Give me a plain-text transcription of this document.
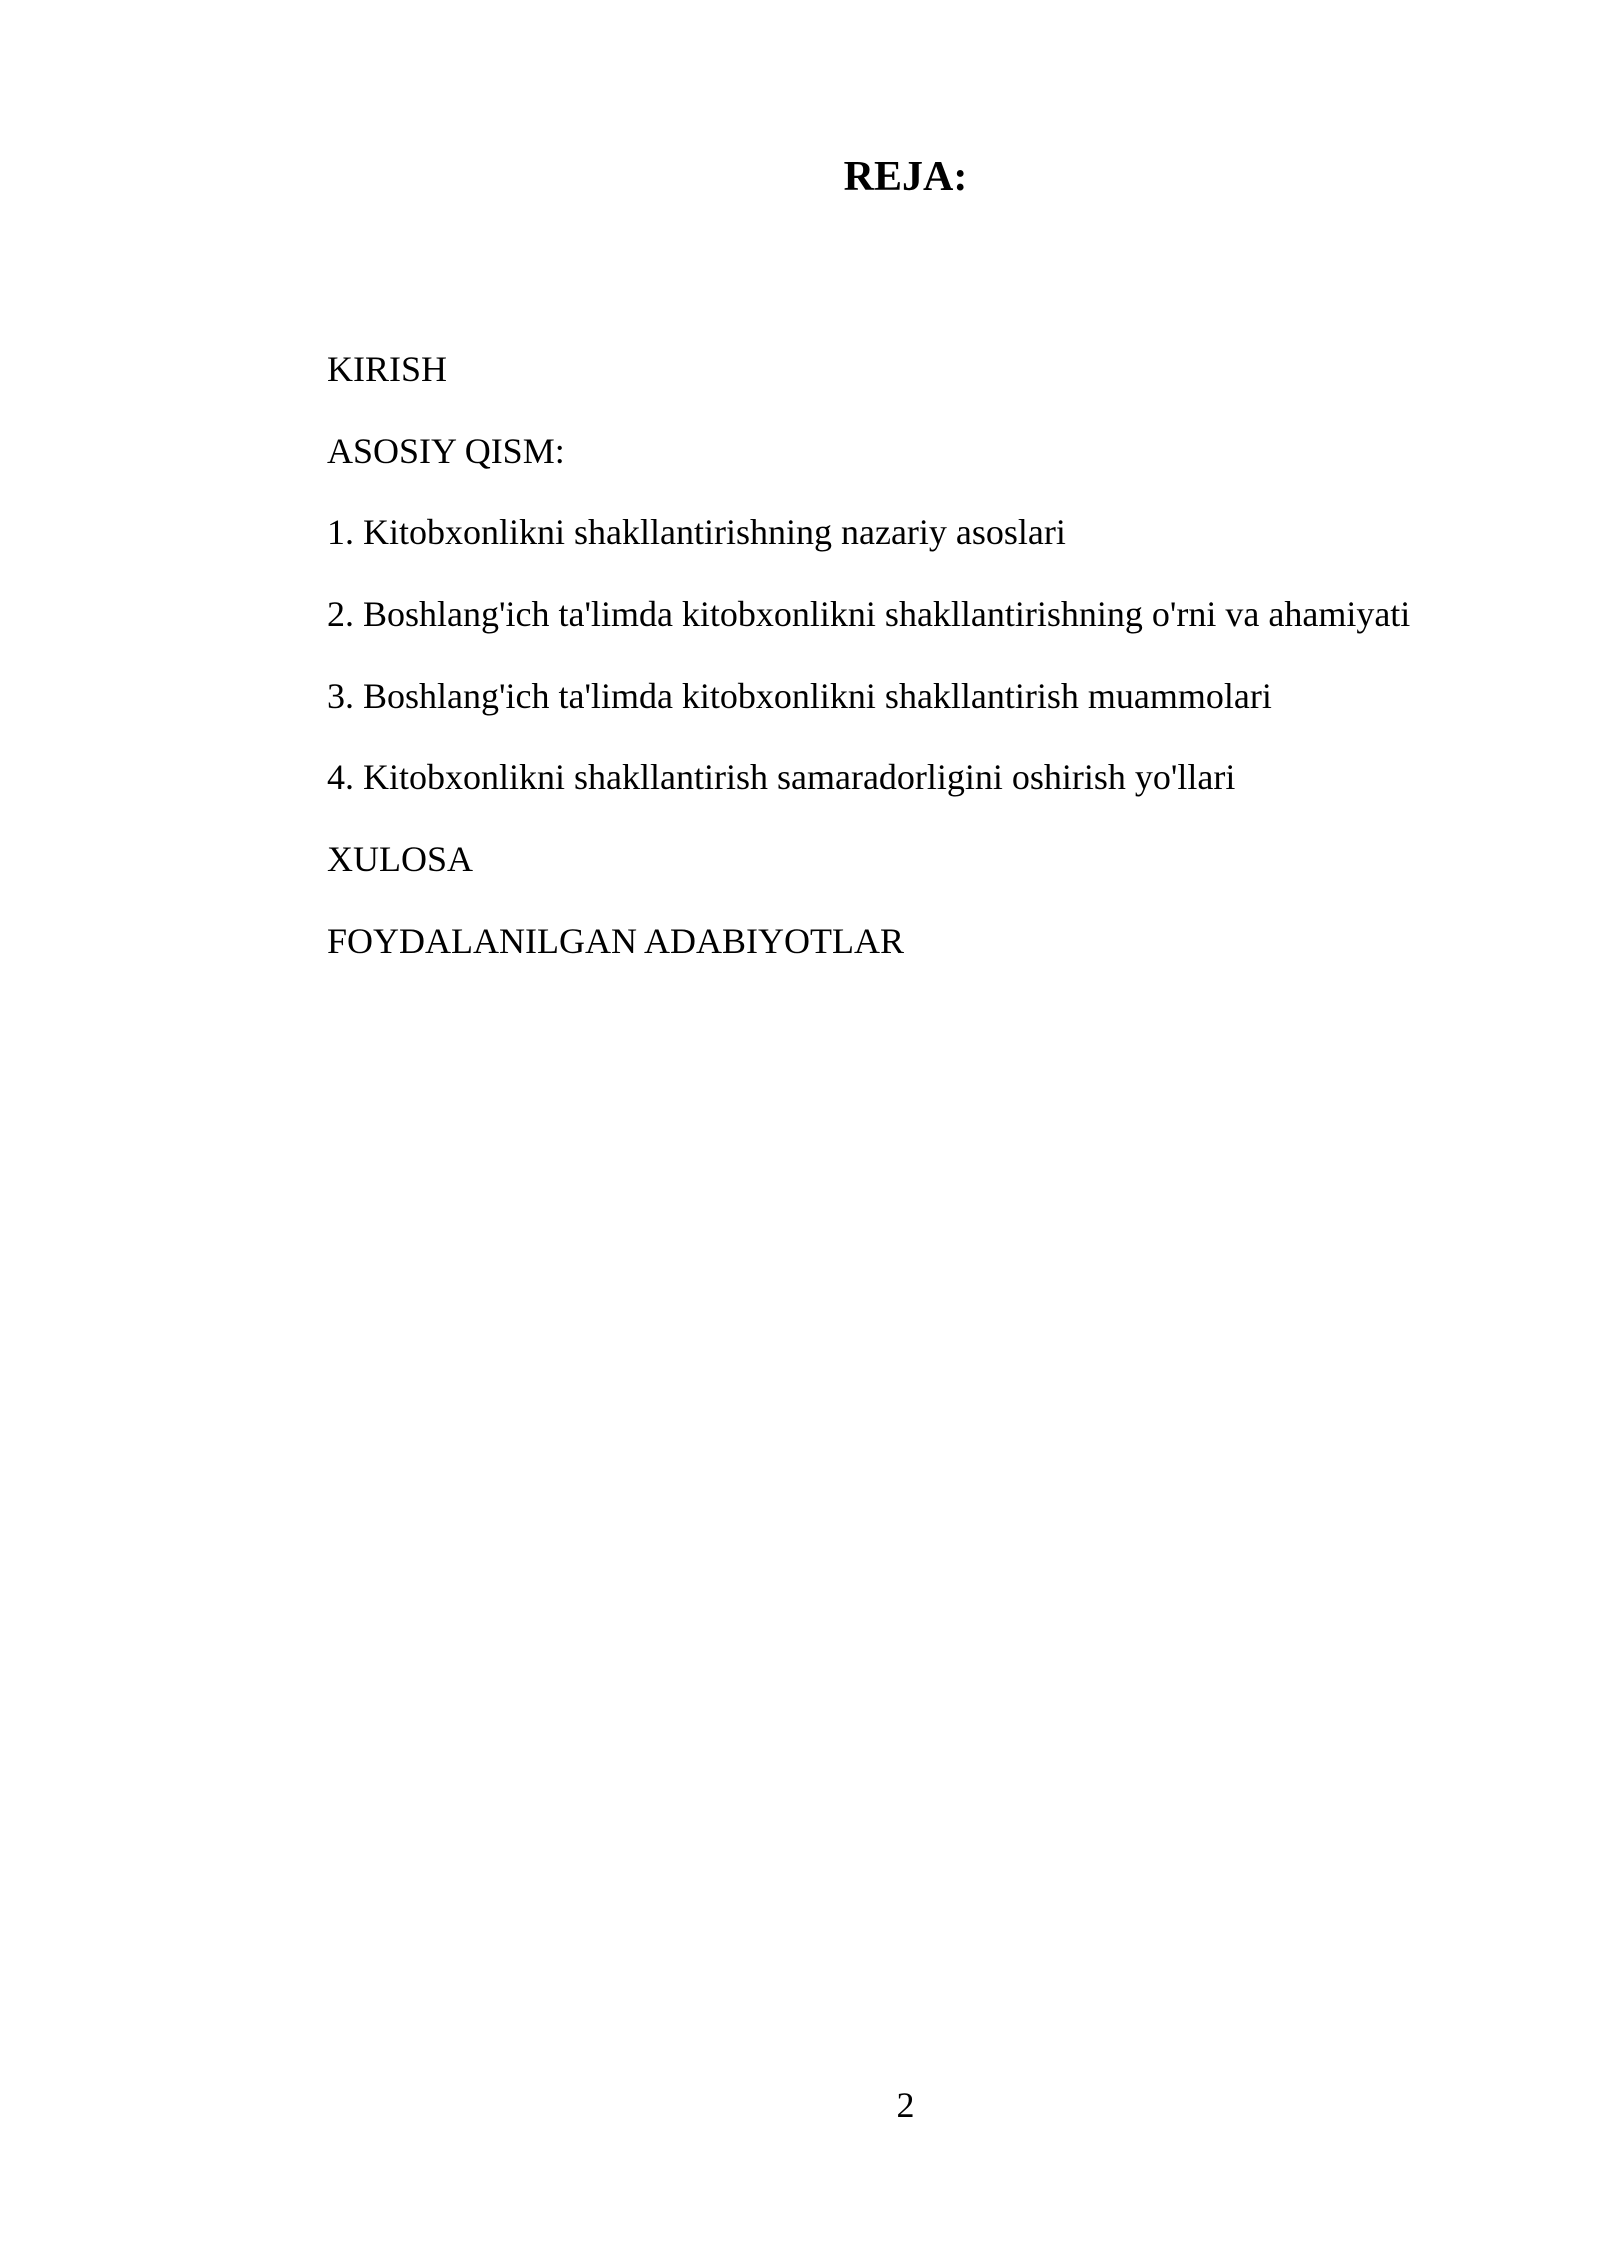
REJA:
KIRISH
ASOSIY QISM:
1. Kitobxonlikni shakllantirishning nazariy asoslari
2. Boshlang'ich ta'limda kitobxonlikni shakllantirishning o'rni va ahamiyati
3. Boshlang'ich ta'limda kitobxonlikni shakllantirish muammolari
4. Kitobxonlikni shakllantirish samaradorligini oshirish yo'llari
XULOSA
FOYDALANILGAN ADABIYOTLAR
2
